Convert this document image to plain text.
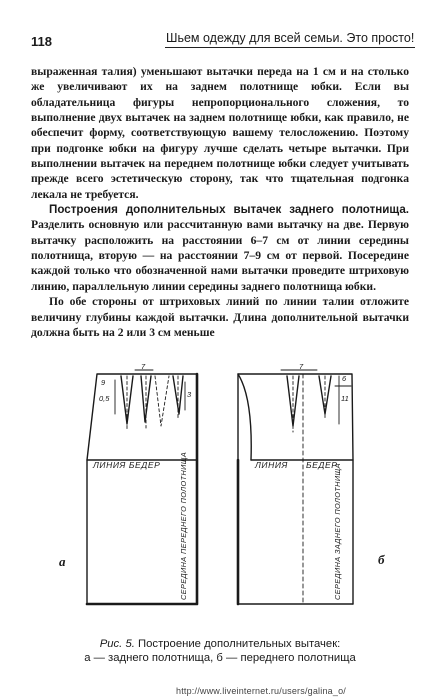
118	Шьем одежду для всей семьи. Это просто!

выраженная талия) уменьшают вытачки переда на 1 см и на столько же увеличивают их на заднем полотнище юбки. Если вы обладательница фигуры непропорционального сложения, то выполнение двух вытачек на заднем полотнище юбки, как правило, не обеспечит форму, соответствующую вашему телосложению. Поэтому при подгонке юбки на фигуру лучше сделать четыре вытачки. При выполнении вытачек на переднем полотнище юбки следует учитывать прежде всего эстетическую сторону, так что тщательная подгонка лекала не требуется.

Построения дополнительных вытачек заднего полотнища. Разделить основную или рассчитанную вами вытачку на две. Первую вытачку расположить на расстоянии 6–7 см от линии середины полотнища, вторую — на расстоянии 7–9 см от первой. Посередине каждой только что обозначенной нами вытачки проведите штриховую линию, параллельную линии середины заднего полотнища юбки.

По обе стороны от штриховых линий по линии талии отложите величину глубины каждой вытачки. Длина дополнительной вытачки должна быть на 2 или 3 см меньше

7
9
0,5	3
ЛИНИЯ БЕДЕР	СЕРЕДИНА ПЕРЕДНЕГО ПОЛОТНИЩА
а
7
6
11
ЛИНИЯ БЕДЕР
СЕРЕДИНА ЗАДНЕГО ПОЛОТНИЩА	б
Рис. 5. Построение дополнительных вытачек:
а — заднего полотнища, б — переднего полотнища
http://www.liveinternet.ru/users/galina_o/
